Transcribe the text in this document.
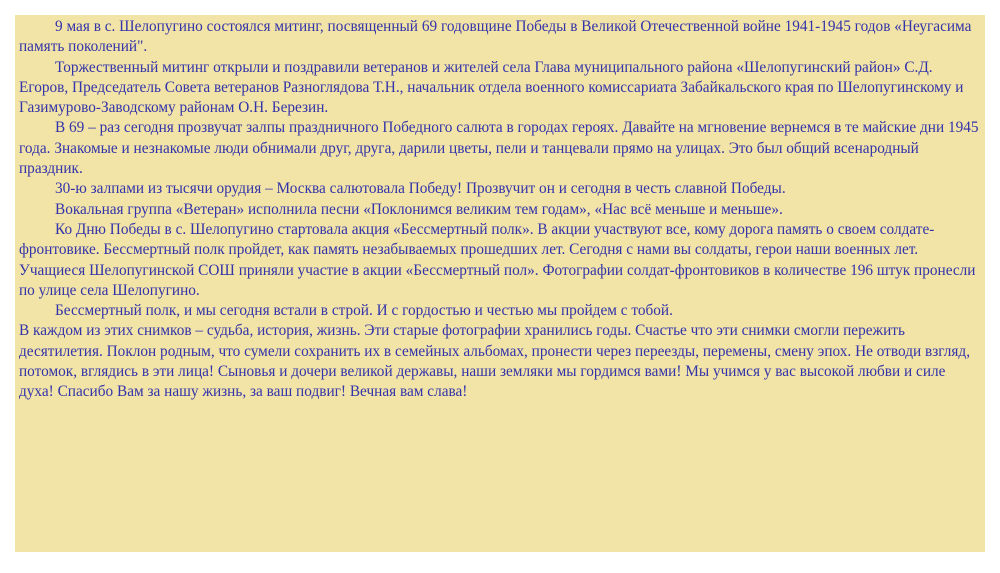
9 мая в с. Шелопугино состоялся митинг, посвященный 69 годовщине Победы в Великой Отечественной войне 1941-1945 годов «Неугасима память поколений".

Торжественный митинг открыли и поздравили ветеранов и жителей села Глава муниципального района «Шелопугинский район» С.Д. Егоров, Председатель Совета ветеранов Разноглядова Т.Н., начальник отдела военного комиссариата Забайкальского края по Шелопугинскому и Газимурово-Заводскому районам О.Н. Березин.

В 69 – раз сегодня прозвучат залпы праздничного Победного салюта в городах героях. Давайте на мгновение вернемся в те майские дни 1945 года. Знакомые и незнакомые люди обнимали друг, друга, дарили цветы, пели и танцевали прямо на улицах. Это был общий всенародный праздник.

30-ю залпами из тысячи орудия – Москва салютовала Победу! Прозвучит он и сегодня в честь славной Победы.

Вокальная группа «Ветеран» исполнила песни «Поклонимся великим тем годам», «Нас всё меньше и меньше».

Ко Дню Победы в с. Шелопугино стартовала акция «Бессмертный полк». В акции участвуют все, кому дорога память о своем солдате-фронтовике. Бессмертный полк пройдет, как память незабываемых прошедших лет. Сегодня с нами вы солдаты, герои наши военных лет. Учащиеся Шелопугинской СОШ приняли участие в акции «Бессмертный пол». Фотографии солдат-фронтовиков в количестве 196 штук пронесли по улице села Шелопугино.

Бессмертный полк, и мы сегодня встали в строй. И с гордостью и честью мы пройдем с тобой.

В каждом из этих снимков – судьба, история, жизнь. Эти старые фотографии хранились годы. Счастье что эти снимки смогли пережить десятилетия. Поклон родным, что сумели сохранить их в семейных альбомах, пронести через переезды, перемены, смену эпох. Не отводи взгляд, потомок, вглядись в эти лица! Сыновья и дочери великой державы, наши земляки мы гордимся вами! Мы учимся у вас высокой любви и силе духа! Спасибо Вам за нашу жизнь, за ваш подвиг! Вечная вам слава!
